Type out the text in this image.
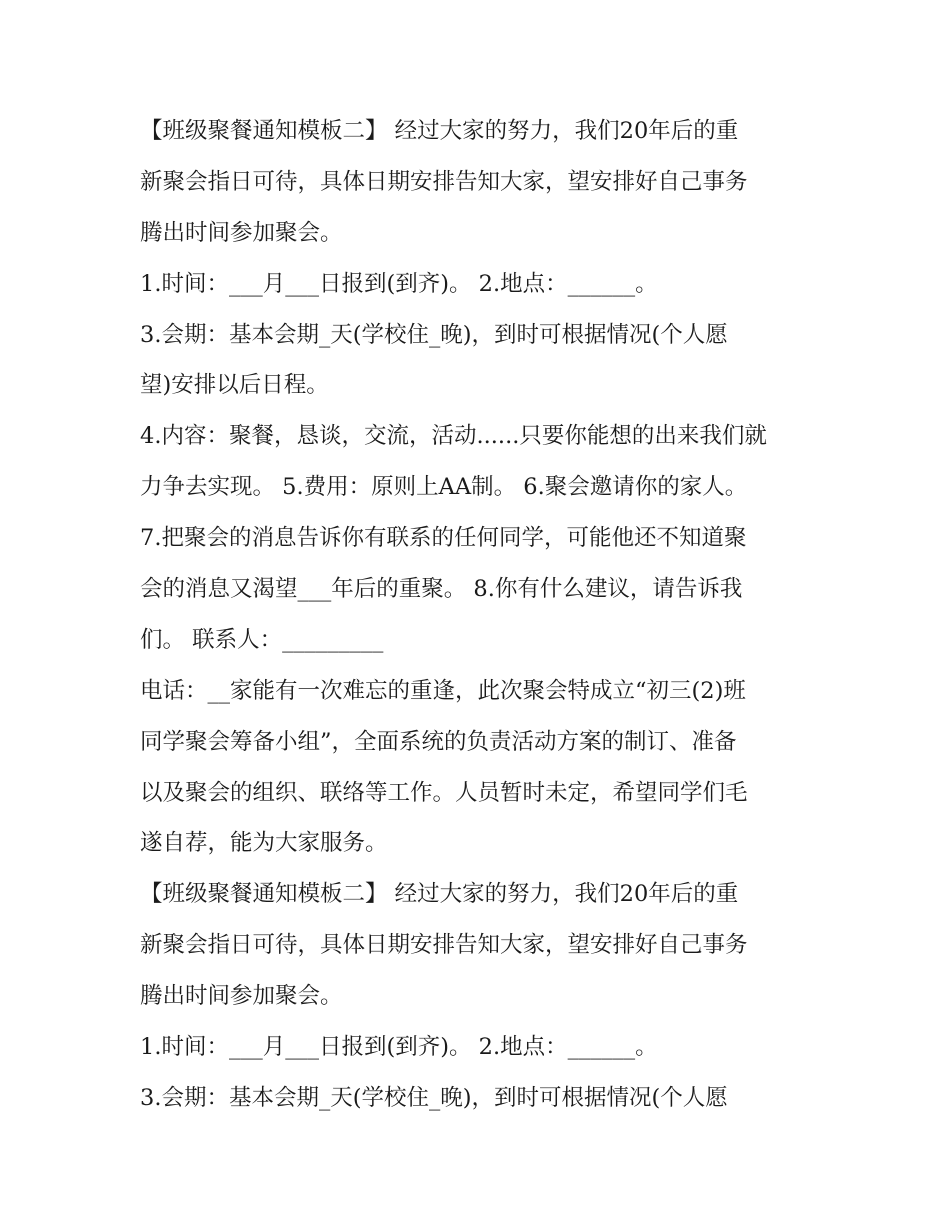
【班级聚餐通知模板二】 经过大家的努力，我们20年后的重
新聚会指日可待，具体日期安排告知大家，望安排好自己事务
腾出时间参加聚会。

1.时间：___月___日报到(到齐)。 2.地点：______。

3.会期：基本会期_天(学校住_晚)，到时可根据情况(个人愿
望)安排以后日程。

4.内容：聚餐，恳谈，交流，活动......只要你能想的出来我们就
力争去实现。 5.费用：原则上AA制。 6.聚会邀请你的家人。

7.把聚会的消息告诉你有联系的任何同学，可能他还不知道聚
会的消息又渴望___年后的重聚。 8.你有什么建议，请告诉我
们。 联系人：_________

电话：__家能有一次难忘的重逢，此次聚会特成立“初三(2)班
同学聚会筹备小组”，全面系统的负责活动方案的制订、准备
以及聚会的组织、联络等工作。人员暂时未定，希望同学们毛
遂自荐，能为大家服务。

【班级聚餐通知模板二】 经过大家的努力，我们20年后的重
新聚会指日可待，具体日期安排告知大家，望安排好自己事务
腾出时间参加聚会。

1.时间：___月___日报到(到齐)。 2.地点：______。

3.会期：基本会期_天(学校住_晚)，到时可根据情况(个人愿
